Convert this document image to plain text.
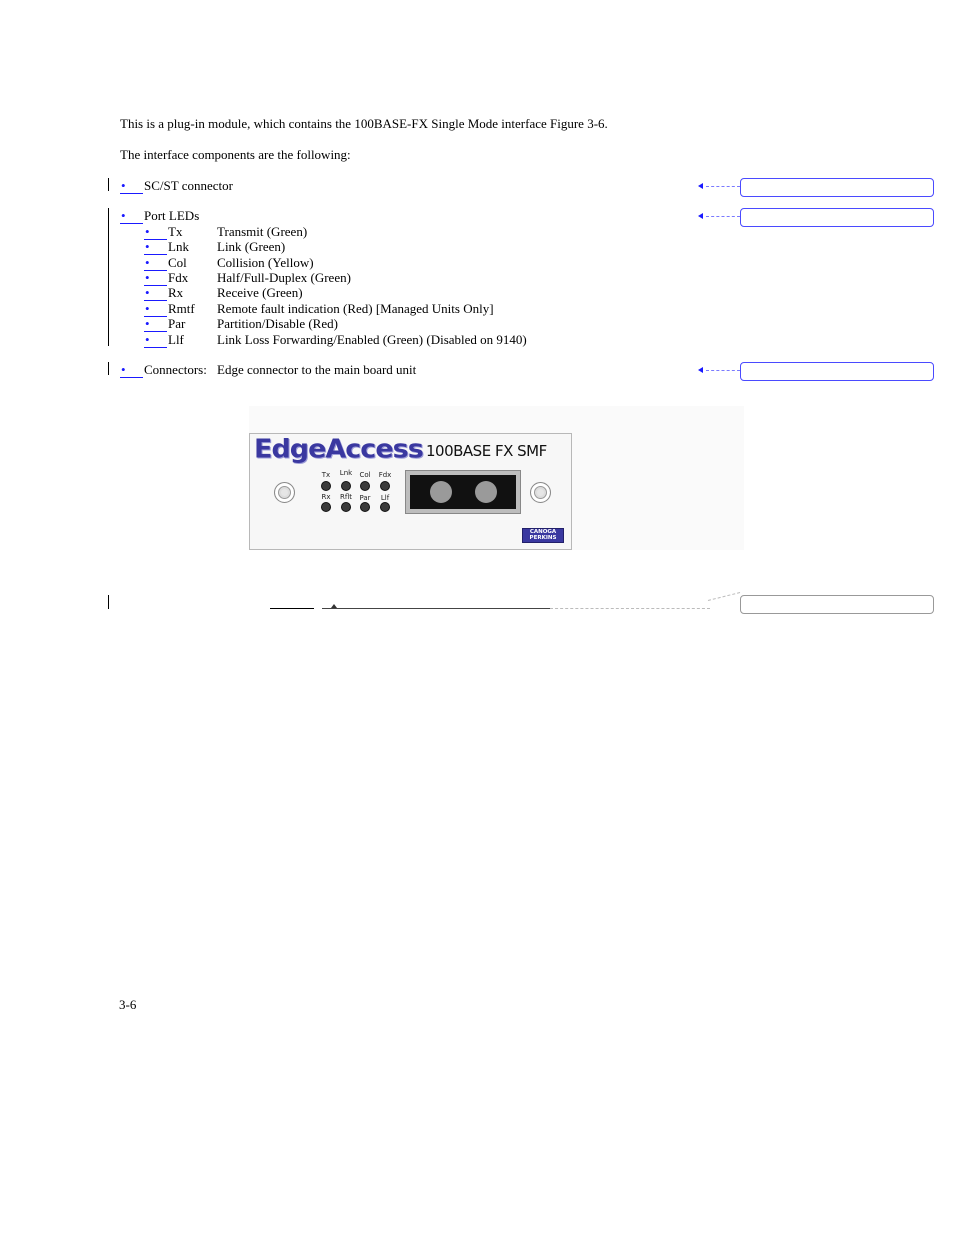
This is a plug-in module, which contains the 100BASE-FX Single Mode interface Figure 3-6.
The interface components are the following:
•	SC/ST connector
•	Port LEDs
•	Tx	Transmit (Green)
•	Lnk Link (Green)
•	Col Collision (Yellow)
•	Fdx Half/Full-Duplex (Green)
•	Rx	Receive (Green)
•	Rmtf Remote fault indication (Red) [Managed Units Only]
•	Par Partition/Disable (Red)
•	Llf	Link Loss Forwarding/Enabled (Green) (Disabled on 9140)
•	Connectors: Edge connector to the main board unit
EdgeAccess 100BASE FX SMF
Tx	Lnk	Col	Fdx
Rx	Rflt	Par	Llf
CANOGA
PERKINS
3-6
